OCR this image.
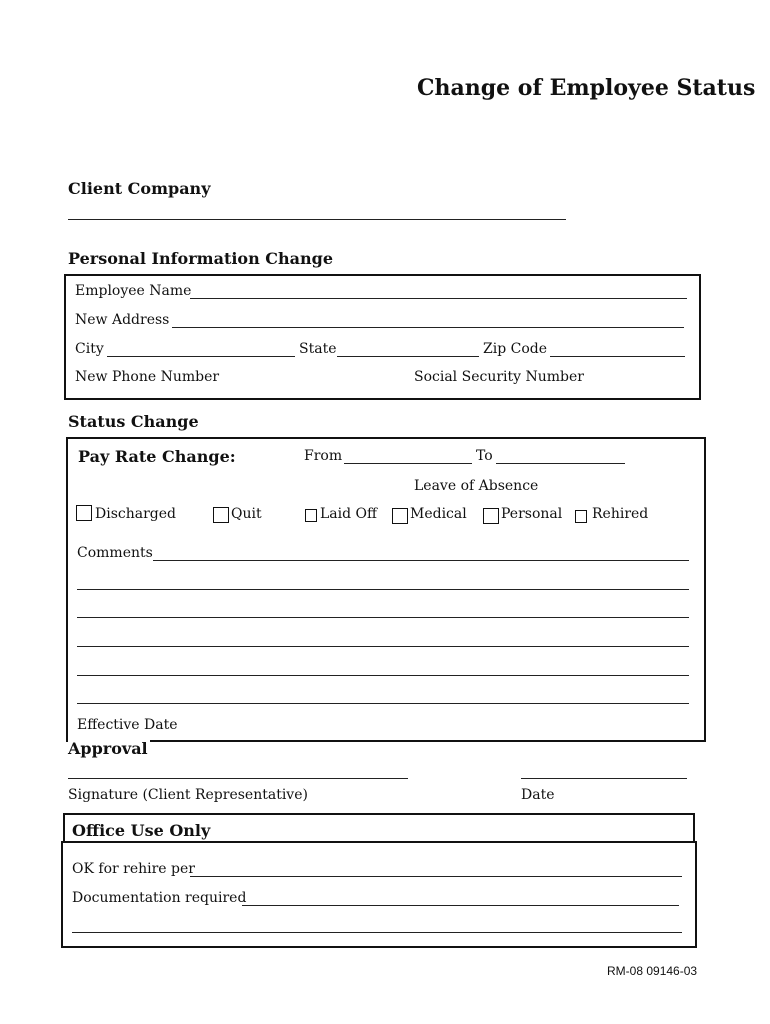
Change of Employee Status
Client Company
Personal Information Change
Employee Name
New Address
City	State	Zip Code
New Phone Number	Social Security Number
Status Change
Pay Rate Change:	From	To
Leave of Absence
Discharged	Quit	Laid Off Medical Personal Rehired
Comments
Effective Date
Approval
Signature (Client Representative)	Date
Office Use Only
OK for rehire per
Documentation required
RM-08 09146-03
